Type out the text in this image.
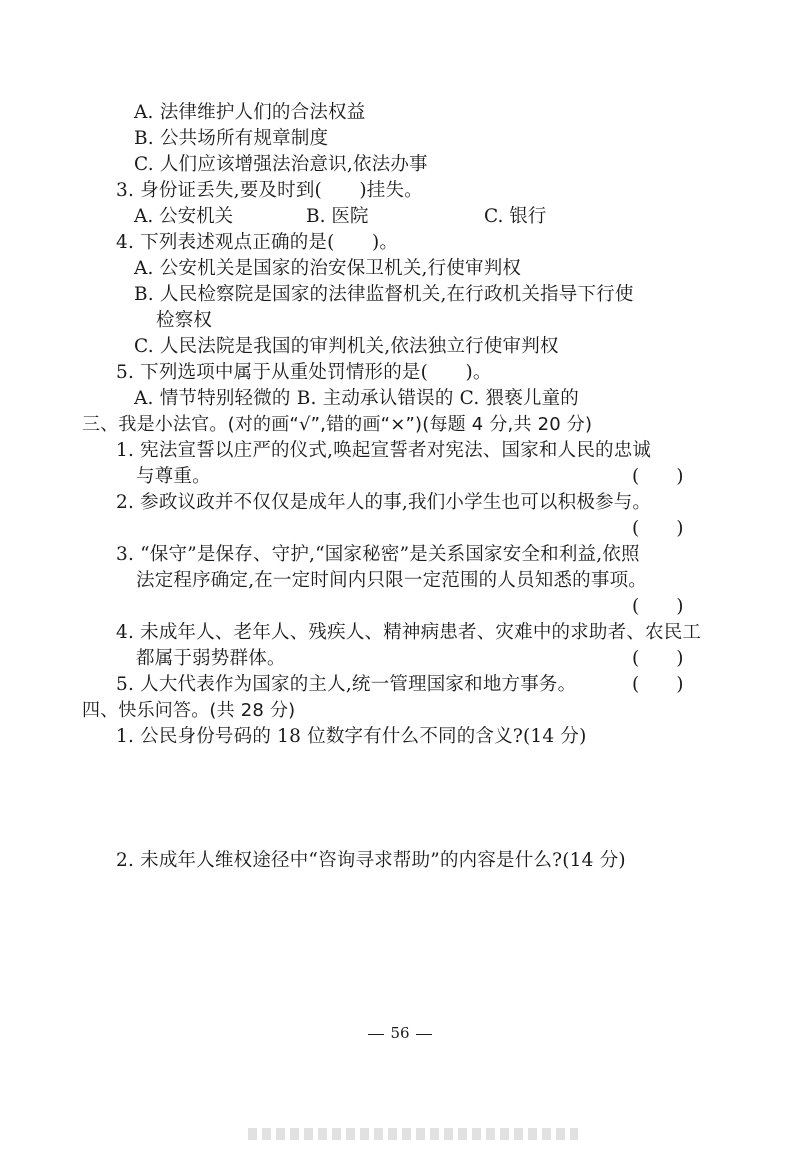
A. 法律维护人们的合法权益
B. 公共场所有规章制度
C. 人们应该增强法治意识,依法办事
3. 身份证丢失,要及时到(　　)挂失。
A. 公安机关	B. 医院	C. 银行
4. 下列表述观点正确的是(　　)。
A. 公安机关是国家的治安保卫机关,行使审判权
B. 人民检察院是国家的法律监督机关,在行政机关指导下行使
检察权
C. 人民法院是我国的审判机关,依法独立行使审判权
5. 下列选项中属于从重处罚情形的是(　　)。
A. 情节特别轻微的 B. 主动承认错误的 C. 猥亵儿童的
三、我是小法官。(对的画“√”,错的画“×”)(每题 4 分,共 20 分)
1. 宪法宣誓以庄严的仪式,唤起宣誓者对宪法、国家和人民的忠诚
与尊重。	(　　)
2. 参政议政并不仅仅是成年人的事,我们小学生也可以积极参与。
(　　)
3. “保守”是保存、守护,“国家秘密”是关系国家安全和利益,依照
法定程序确定,在一定时间内只限一定范围的人员知悉的事项。
(　　)
4. 未成年人、老年人、残疾人、精神病患者、灾难中的求助者、农民工
都属于弱势群体。	(　　)
5. 人大代表作为国家的主人,统一管理国家和地方事务。	(　　)
四、快乐问答。(共 28 分)
1. 公民身份号码的 18 位数字有什么不同的含义?(14 分)
2. 未成年人维权途径中“咨询寻求帮助”的内容是什么?(14 分)
56
